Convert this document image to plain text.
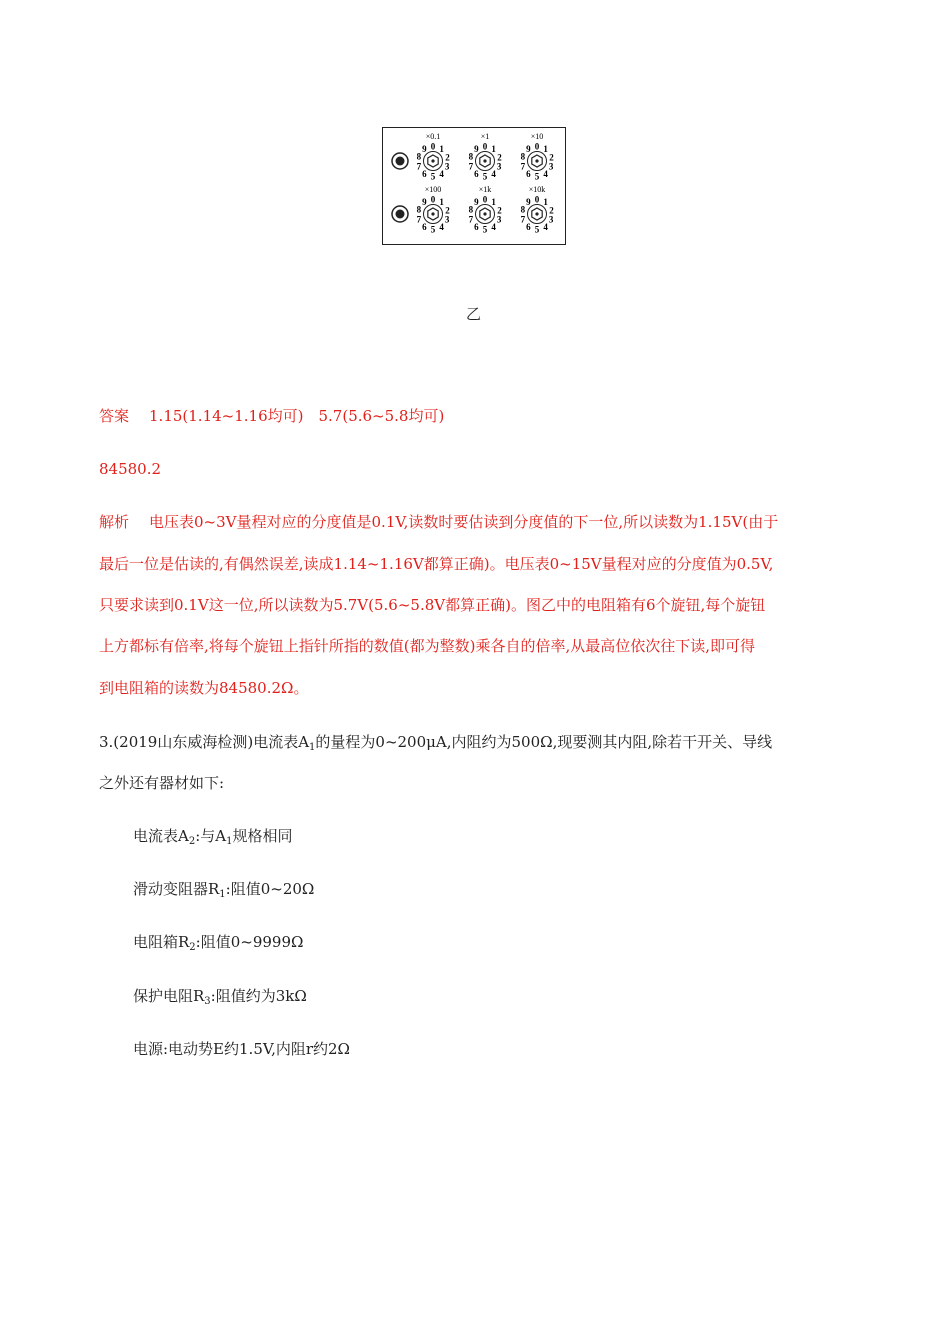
×0.1
0 1
2
3
4
5
6
7
8
9
×1
0 1
2
3
4
5
6
7
8
9
×10
0 1
2
3
4
5
6
7
8
9
×100
0 1
2
3
4
5
6
7
8
9
×1k
0 1
2
3
4
5
6
7
8
9
×10k
0 1
2
3
4
5
6
7
8
9
乙
答案 1.15(1.14~1.16均可)　5.7(5.6~5.8均可)
84580.2
解析 电压表0~3V量程对应的分度值是0.1V,读数时要估读到分度值的下一位,所以读数为1.15V(由于
最后一位是估读的,有偶然误差,读成1.14~1.16V都算正确)。电压表0~15V量程对应的分度值为0.5V,
只要求读到0.1V这一位,所以读数为5.7V(5.6~5.8V都算正确)。图乙中的电阻箱有6个旋钮,每个旋钮
上方都标有倍率,将每个旋钮上指针所指的数值(都为整数)乘各自的倍率,从最高位依次往下读,即可得
到电阻箱的读数为84580.2Ω。
3.(2019山东威海检测)电流表$A_1$的量程为0~200μA,内阻约为500Ω,现要测其内阻,除若干开关、导线
之外还有器材如下:
电流表$A_2$:与$A_1$规格相同
滑动变阻器$R_1$:阻值0~20Ω
电阻箱$R_2$:阻值0~9999Ω
保护电阻$R_3$:阻值约为3kΩ
电源:电动势E约1.5V,内阻r约2Ω
